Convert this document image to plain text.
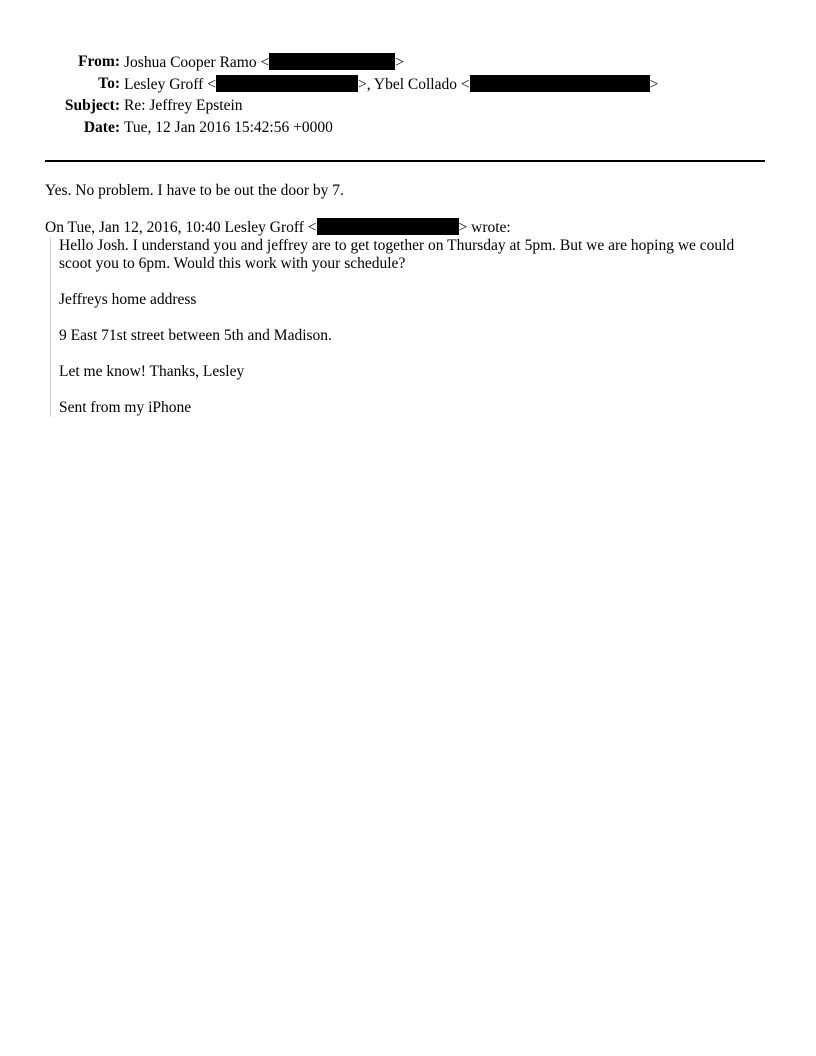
From: Joshua Cooper Ramo <	>
To: Lesley Groff <	>, Ybel Collado <	>
Subject: Re: Jeffrey Epstein
Date: Tue, 12 Jan 2016 15:42:56 +0000
Yes. No problem. I have to be out the door by 7.
On Tue, Jan 12, 2016, 10:40 Lesley Groff <	> wrote:

Hello Josh. I understand you and jeffrey are to get together on Thursday at 5pm. But we are hoping we could scoot you to 6pm. Would this work with your schedule?

Jeffreys home address

9 East 71st street between 5th and Madison.

Let me know! Thanks, Lesley

Sent from my iPhone
